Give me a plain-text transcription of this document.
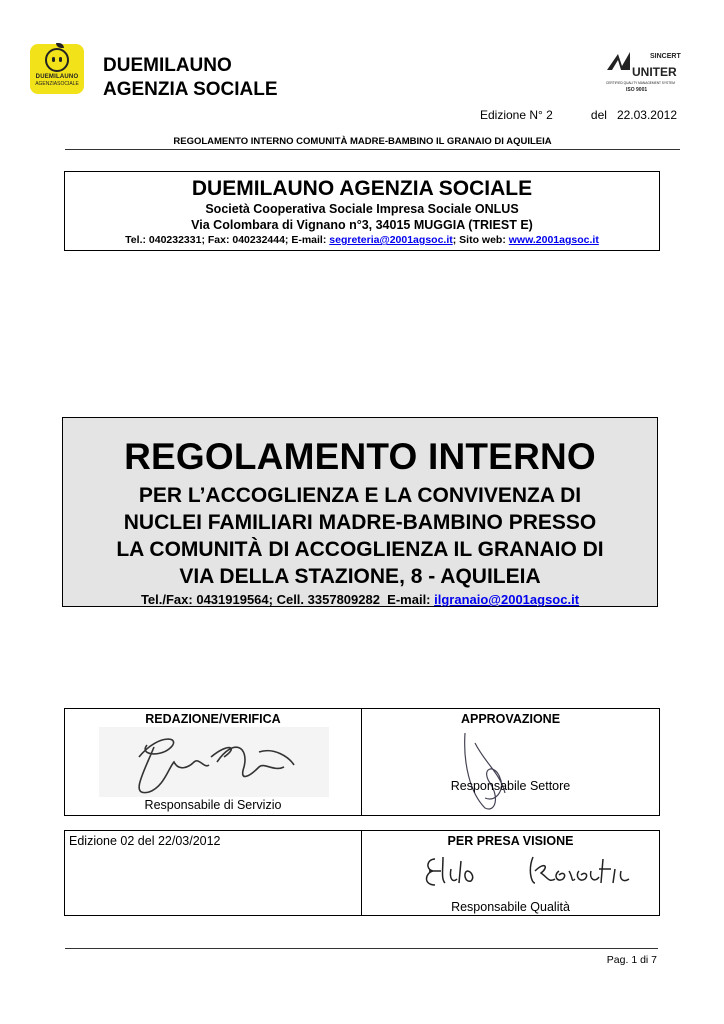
DUEMILAUNO
AGENZIASOCIALE
DUEMILAUNO
AGENZIA SOCIALE
SINCERT
UNITER
CERTIFIED QUALITY MANAGEMENT SYSTEM
ISO 9001
Edizione N° 2	del   22.03.2012
REGOLAMENTO INTERNO COMUNITÀ MADRE-BAMBINO IL GRANAIO DI AQUILEIA
DUEMILAUNO AGENZIA SOCIALE
Società Cooperativa Sociale Impresa Sociale ONLUS
Via Colombara di Vignano n°3, 34015 MUGGIA (TRIEST E)
Tel.: 040232331; Fax: 040232444; E-mail: segreteria@2001agsoc.it; Sito web: www.2001agsoc.it
REGOLAMENTO INTERNO
PER L’ACCOGLIENZA E LA CONVIVENZA DI
NUCLEI FAMILIARI MADRE-BAMBINO PRESSO
LA COMUNITÀ DI ACCOGLIENZA IL GRANAIO DI
VIA DELLA STAZIONE, 8 - AQUILEIA
Tel./Fax: 0431919564; Cell. 3357809282  E-mail: ilgranaio@2001agsoc.it
REDAZIONE/VERIFICA
Responsabile di Servizio
APPROVAZIONE
Responsabile Settore
Edizione 02 del 22/03/2012	PER PRESA VISIONE
Responsabile Qualità
Pag. 1 di 7
